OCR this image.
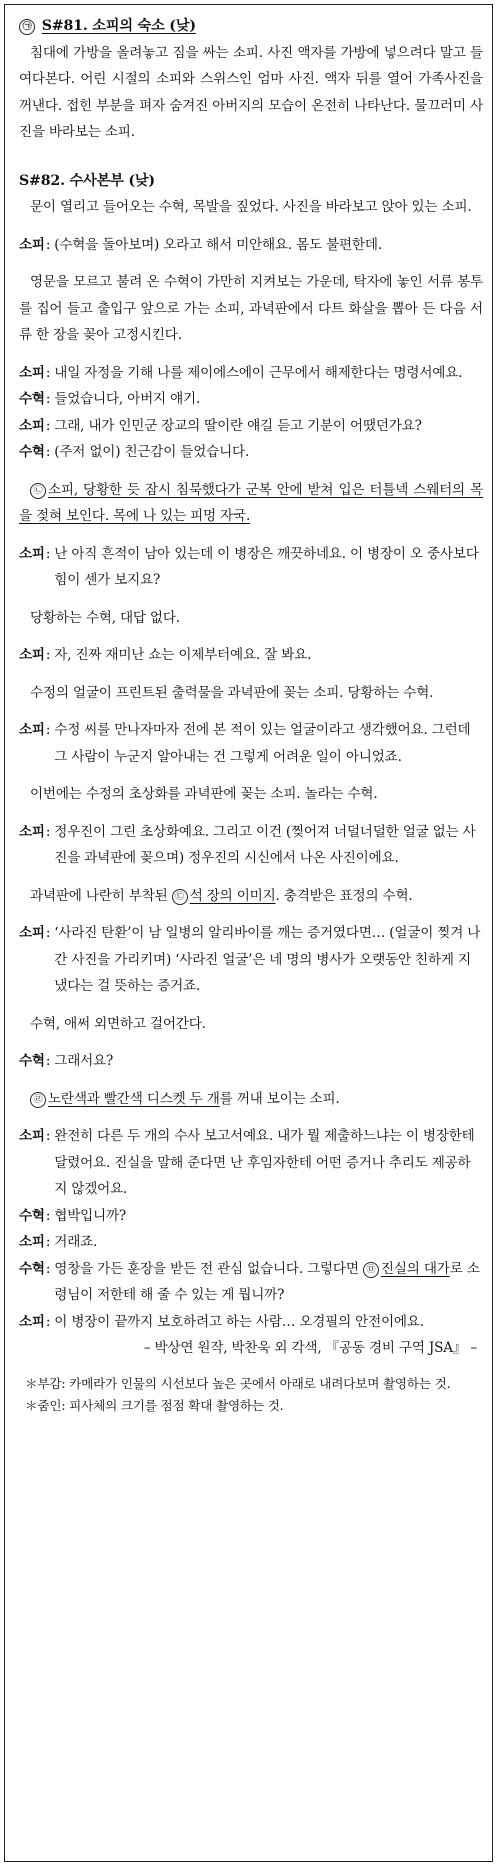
㉠ S#81. 소피의 숙소 (낮)
침대에 가방을 올려놓고 짐을 싸는 소피. 사진 액자를 가방에 넣으려다 말고 들여다본다. 어린 시절의 소피와 스위스인 엄마 사진. 액자 뒤를 열어 가족사진을 꺼낸다. 접힌 부분을 펴자 숨겨진 아버지의 모습이 온전히 나타난다. 물끄러미 사진을 바라보는 소피.
S#82. 수사본부 (낮)
문이 열리고 들어오는 수혁, 목발을 짚었다. 사진을 바라보고 앉아 있는 소피.
소피 : (수혁을 돌아보며) 오라고 해서 미안해요. 몸도 불편한데.
영문을 모르고 불려 온 수혁이 가만히 지켜보는 가운데, 탁자에 놓인 서류 봉투를 집어 들고 출입구 앞으로 가는 소피, 과녁판에서 다트 화살을 뽑아 든 다음 서류 한 장을 꽂아 고정시킨다.
소피 : 내일 자정을 기해 나를 제이에스에이 근무에서 해제한다는 명령서예요.
수혁 : 들었습니다, 아버지 얘기.
소피 : 그래, 내가 인민군 장교의 딸이란 얘길 듣고 기분이 어땠던가요?
수혁 : (주저 없이) 친근감이 들었습니다.
㉡ 소피, 당황한 듯 잠시 침묵했다가 군복 안에 받쳐 입은 터틀넥 스웨터의 목을 젖혀 보인다. 목에 나 있는 피멍 자국.
소피 : 난 아직 흔적이 남아 있는데 이 병장은 깨끗하네요. 이 병장이 오 중사보다 힘이 센가 보지요?
당황하는 수혁, 대답 없다.
소피 : 자, 진짜 재미난 쇼는 이제부터예요. 잘 봐요.
수정의 얼굴이 프린트된 출력물을 과녁판에 꽂는 소피. 당황하는 수혁.
소피 : 수정 씨를 만나자마자 전에 본 적이 있는 얼굴이라고 생각했어요. 그런데 그 사람이 누군지 알아내는 건 그렇게 어려운 일이 아니었죠.
이번에는 수정의 초상화를 과녁판에 꽂는 소피. 놀라는 수혁.
소피 : 정우진이 그린 초상화예요. 그리고 이건 (찢어져 너덜너덜한 얼굴 없는 사진을 과녁판에 꽂으며) 정우진의 시신에서 나온 사진이에요.
과녁판에 나란히 부착된 ㉢ 석 장의 이미지. 충격받은 표정의 수혁.
소피 : ‘사라진 탄환’이 남 일병의 알리바이를 깨는 증거였다면… (얼굴이 찢겨 나간 사진을 가리키며) ‘사라진 얼굴’은 네 명의 병사가 오랫동안 친하게 지냈다는 걸 뜻하는 증거죠.
수혁, 애써 외면하고 걸어간다.
수혁 : 그래서요?
㉣ 노란색과 빨간색 디스켓 두 개를 꺼내 보이는 소피.
소피 : 완전히 다른 두 개의 수사 보고서예요. 내가 뭘 제출하느냐는 이 병장한테 달렸어요. 진실을 말해 준다면 난 후임자한테 어떤 증거나 추리도 제공하지 않겠어요.
수혁 : 협박입니까?
소피 : 거래죠.
수혁 : 영창을 가든 훈장을 받든 전 관심 없습니다. 그렇다면 ㉤ 진실의 대가로 소령님이 저한테 해 줄 수 있는 게 뭡니까?
소피 : 이 병장이 끝까지 보호하려고 하는 사람… 오경필의 안전이에요.
– 박상연 원작, 박찬욱 외 각색, 『공동 경비 구역 JSA』 –
＊부감: 카메라가 인물의 시선보다 높은 곳에서 아래로 내려다보며 촬영하는 것.
＊줌인: 피사체의 크기를 점점 확대 촬영하는 것.
